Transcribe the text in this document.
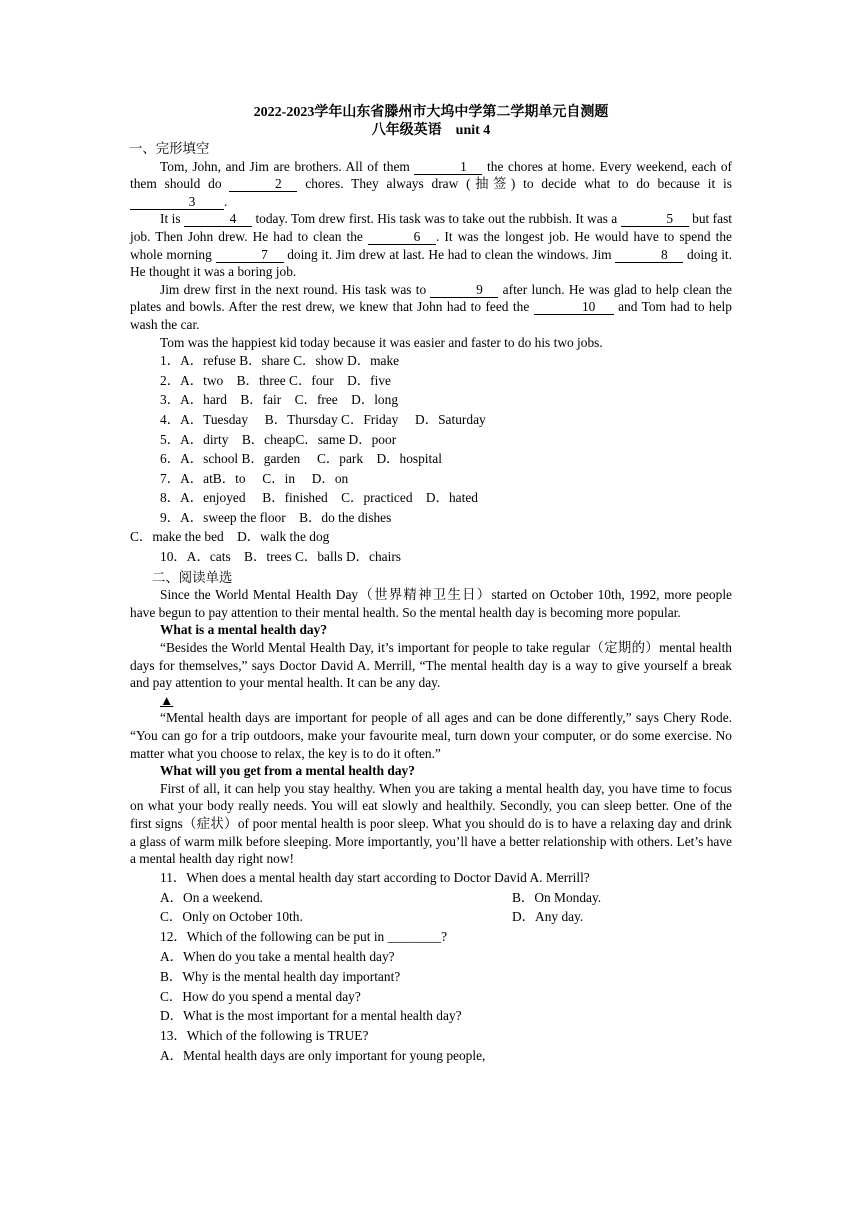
2022-2023学年山东省滕州市大坞中学第二学期单元自测题
八年级英语　unit 4
一、完形填空

Tom, John, and Jim are brothers. All of them	1 the chores at home. Every weekend, each of them should do	2 chores. They always draw (抽签) to decide what to do because it is 3 .

It is	4 today. Tom drew first. His task was to take out the rubbish. It was a	5 but fast job. Then John drew. He had to clean the	6 . It was the longest job. He would have to spend the whole morning	7 doing it. Jim drew at last. He had to clean the windows. Jim	8 doing it. He thought it was a boring job.

Jim drew first in the next round. His task was to	9 after lunch. He was glad to help clean the plates and bowls. After the rest drew, we knew that John had to feed the	10 and Tom had to help wash the car.

Tom was the happiest kid today because it was easier and faster to do his two jobs.

1．A．refuse B．share C．show D．make
2．A．two　B．three C．four　D．five
3．A．hard　B．fair　C．free　D．long
4．A．Tuesday　 B．Thursday C．Friday　 D．Saturday
5．A．dirty　B．cheapC．same D．poor
6．A．school B．garden　 C．park　D．hospital
7．A．atB．to　 C．in　 D．on
8．A．enjoyed　 B．finished　C．practiced　D．hated
9．A．sweep the floor　B．do the dishes
C．make the bed　D．walk the dog
10．A．cats　B．trees C．balls D．chairs
二、阅读单选

Since the World Mental Health Day（世界精神卫生日）started on October 10th, 1992, more people have begun to pay attention to their mental health. So the mental health day is becoming more popular.

What is a mental health day?

“Besides the World Mental Health Day, it’s important for people to take regular（定期的）mental health days for themselves,” says Doctor David A. Merrill, “The mental health day is a way to give yourself a break and pay attention to your mental health. It can be any day.

▲

“Mental health days are important for people of all ages and can be done differently,” says Chery Rode. “You can go for a trip outdoors, make your favourite meal, turn down your computer, or do some exercise. No matter what you choose to relax, the key is to do it often.”

What will you get from a mental health day?

First of all, it can help you stay healthy. When you are taking a mental health day, you have time to focus on what your body really needs. You will eat slowly and healthily. Secondly, you can sleep better. One of the first signs（症状）of poor mental health is poor sleep. What you should do is to have a relaxing day and drink a glass of warm milk before sleeping. More importantly, you’ll have a better relationship with others. Let’s have a mental health day right now!

11．When does a mental health day start according to Doctor David A. Merrill?
A．On a weekend.	B．On Monday.
C．Only on October 10th.	D．Any day.
12．Which of the following can be put in ________?
A．When do you take a mental health day?
B．Why is the mental health day important?
C．How do you spend a mental day?
D．What is the most important for a mental health day?
13．Which of the following is TRUE?
A．Mental health days are only important for young people,
